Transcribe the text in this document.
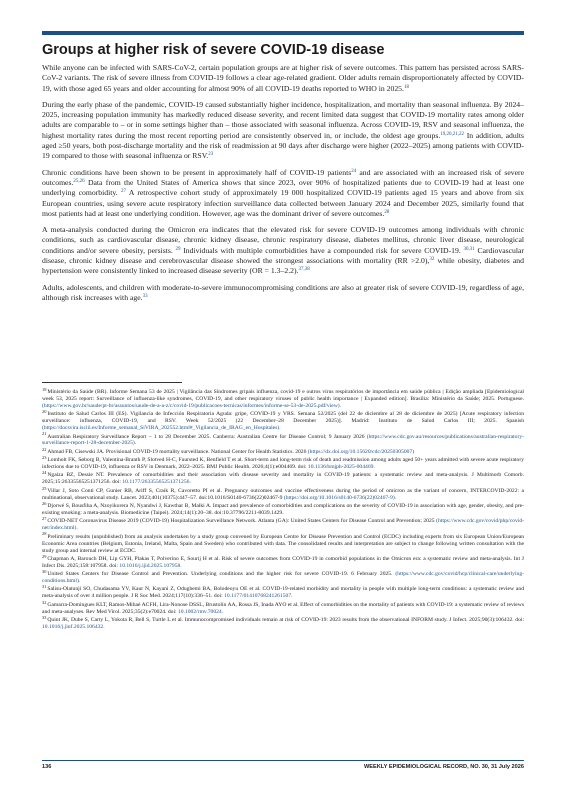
Groups at higher risk of severe COVID-19 disease

While anyone can be infected with SARS-CoV-2, certain population groups are at higher risk of severe outcomes. This pattern has persisted across SARS-CoV-2 variants. The risk of severe illness from COVID-19 follows a clear age-related gradient. Older adults remain disproportionately affected by COVID-19, with those aged 65 years and older accounting for almost 90% of all COVID-19 deaths reported to WHO in 2025.18

During the early phase of the pandemic, COVID-19 caused substantially higher incidence, hospitalization, and mortality than seasonal influenza. By 2024–2025, increasing population immunity has markedly reduced disease severity, and recent limited data suggest that COVID-19 mortality rates among older adults are comparable to – or in some settings higher than – those associated with seasonal influenza. Across COVID-19, RSV and seasonal influenza, the highest mortality rates during the most recent reporting period are consistently observed in, or include, the oldest age groups.$^{19,20,21,22}$ In addition, adults aged ≥50 years, both post-discharge mortality and the risk of readmission at 90 days after discharge were higher (2022–2025) among patients with COVID-19 compared to those with seasonal influenza or RSV.$^{23}$

Chronic conditions have been shown to be present in approximately half of COVID-19 patients$^{24}$ and are associated with an increased risk of severe outcomes.$^{25,26}$ Data from the United States of America shows that since 2023, over 90% of hospitalized patients due to COVID-19 had at least one underlying comorbidity. $^{27}$ A retrospective cohort study of approximately 19 000 hospitalized COVID-19 patients aged 15 years and above from six European countries, using severe acute respiratory infection surveillance data collected between January 2024 and December 2025, similarly found that most patients had at least one underlying condition. However, age was the dominant driver of severe outcomes.$^{28}$

A meta-analysis conducted during the Omicron era indicates that the elevated risk for severe COVID-19 outcomes among individuals with chronic conditions, such as cardiovascular disease, chronic kidney disease, chronic respiratory disease, diabetes mellitus, chronic liver disease, neurological conditions and/or severe obesity, persists. $^{29}$ Individuals with multiple comorbidities have a compounded risk for severe COVID-19. $^{30,31}$ Cardiovascular disease, chronic kidney disease and cerebrovascular disease showed the strongest associations with mortality (RR >2.0),$^{32}$ while obesity, diabetes and hypertension were consistently linked to increased disease severity (OR = 1.3–2.2).$^{37,38}$

Adults, adolescents, and children with moderate-to-severe immunocompromising conditions are also at greater risk of severe COVID-19, regardless of age, although risk increases with age.$^{33}$

$^{18}$Ministério da Saúde (BR). Informe Semana 53 de 2025 | Vigilância das Síndromes gripais influenza, covid-19 e outros vírus respiratórios de importância em saúde pública | Edição ampliada [Epidemiological week 53, 2025 report: Surveillance of influenza-like syndromes, COVID-19, and other respiratory viruses of public health importance | Expanded edition]. Brasília: Ministério da Saúde; 2025. Portuguese. (https://www.gov.br/saude/pt-br/assuntos/saude-de-a-a-z/c/covid-19/publicacoes-tecnicas/informes/informe-se-53-de-2025.pdf/view).
$^{20}$Instituto de Salud Carlos III (ES). Vigilancia de Infección Respiratoria Aguda: gripe, COVID-19 y VRS. Semana 52/2025 (del 22 de diciembre al 28 de diciembre de 2025) [Acute respiratory infection surveillance: influenza, COVID-19, and RSV. Week 52/2025 (22 December–28 December 2025)]. Madrid: Instituto de Salud Carlos III; 2025. Spanish (https://docsvira.isciii.es/Informe_semanal_SiVIRA_202552.html#_Vigilancia_de_IRAG_en_Hospitales).
$^{21}$Australian Respiratory Surveillance Report – 1 to 28 December 2025. Canberra: Australian Centre for Disease Control; 9 January 2026 (https://www.cdc.gov.au/resources/publications/australian-respiratory-surveillance-report-1-28-december-2025).
$^{22}$Ahmad FB, Cisewski JA. Provisional COVID-19 mortality surveillance. National Center for Health Statistics. 2026 (https://dx.doi.org/10.15620/cdc/20250305007)
$^{23}$Lomholt FK, Søborg B, Valentina-Branth P, Slotved H-C, Fuursted K, Benfield T et al. Short-term and long-term risk of death and readmission among adults aged 50+ years admitted with severe acute respiratory infections due to COVID-19, influenza or RSV in Denmark, 2022–2025. BMJ Public Health. 2026;4(1):e004469. doi: 10.1136/bmjph-2025-004469.
$^{24}$Ngaiza BZ, Dessie NT. Prevalence of comorbidities and their association with disease severity and mortality in COVID-19 patients: a systematic review and meta-analysis. J Multimorb Comorb. 2025;15:26335565251371256. doi: 10.1177/26335565251371256.
$^{25}$Villar J, Soto Conti CP, Gunier RB, Ariff S, Craik R, Cavoretto PI et al. Pregnancy outcomes and vaccine effectiveness during the period of omicron as the variant of concern, INTERCOVID-2022: a multinational, observational study. Lancet. 2023;401(10375):447–57. doi:10.1016/S0140-6736(22)02467-9 (https://doi.org/10.1016/s0140-6736(22)02467-9).
$^{26}$Djorwé S, Bousfiha A, Nzoyikorera N, Nyandwi J, Kawthar B, Malki A. Impact and prevalence of comorbidities and complications on the severity of COVID-19 in association with age, gender, obesity, and pre-existing smoking: a meta-analysis. Biomedicine (Taipei). 2024;14(1):20–38. doi:10.37796/2211-8039.1429.
$^{27}$COVID-NET Coronavirus Disease 2019 (COVID-19) Hospitalization Surveillance Network. Atlanta (GA): United States Centers for Disease Control and Prevention; 2025 (https://www.cdc.gov/covid/php/covid-net/index.html).
$^{28}$Preliminary results (unpublished) from an analysis undertaken by a study group convened by European Centre for Disease Prevention and Control (ECDC) including experts from six European Union/European Economic Area countries (Belgium, Estonia, Ireland, Malta, Spain and Sweden) who contributed with data. The consolidated results and interpretation are subject to change following written consultation with the study group and internal review at ECDC.
$^{29}$Chapman A, Barouch DH, Lip GYH, Plakas T, Polverino E, Sourij H et al. Risk of severe outcomes from COVID-19 in comorbid populations in the Omicron era: a systematic review and meta-analysis. Int J Infect Dis. 2025;158:107958. doi: 10.1016/j.ijid.2025.107958.
$^{30}$United States Centers for Disease Control and Prevention. Underlying conditions and the higher risk for severe COVID-19. 6 February 2025. (https://www.cdc.gov/covid/hcp/clinical-care/underlying-conditions.html).
$^{31}$Salisu-Olatunji SO, Chudasama YV, Kaur N, Kayani Z, Odugbemi BA, Bolodeoyu OE et al. COVID-19-related morbidity and mortality in people with multiple long-term conditions: a systematic review and meta-analysis of over 4 million people. J R Soc Med. 2024;117(10):336–51. doi: 10.1177/01410768241261507.
$^{32}$Gamarra-Domingues KLT, Ramos-Mihaé ACFH, Lira-Nonose DSSL, Brustolin AA, Rossa JS, Inada AYO et al. Effect of comorbidities on the mortality of patients with COVID-19: a systematic review of reviews and meta-analyses. Rev Med Virol. 2025;35(2):e70024. doi: 10.1002/rmv.70024.
$^{33}$Quint JK, Dube S, Carty L, Yokota R, Bell S, Turtle L et al. Immunocompromised individuals remain at risk of COVID-19: 2023 results from the observational INFORM study. J Infect. 2025;90(3):106432. doi: 10.1016/j.jinf.2025.106432.
136	WEEKLY EPIDEMIOLOGICAL RECORD, NO. 30, 31 July 2026
